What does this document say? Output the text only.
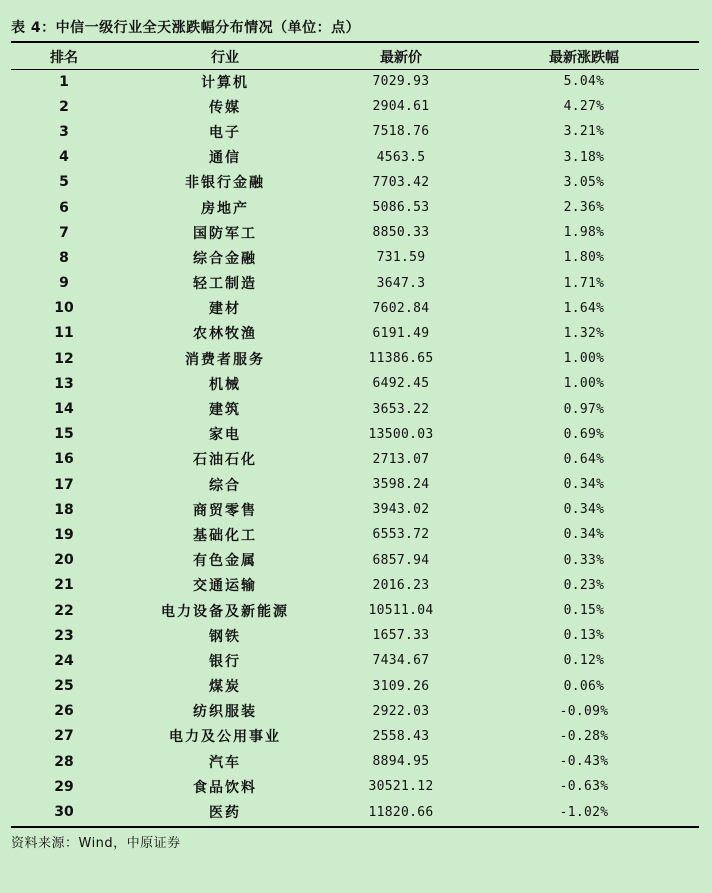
表 4：中信一级行业全天涨跌幅分布情况（单位：点）
排名	行业	最新价	最新涨跌幅
1	计算机	7029.93	5.04%
2	传媒	2904.61	4.27%
3	电子	7518.76	3.21%
4	通信	4563.5	3.18%
5	非银行金融	7703.42	3.05%
6	房地产	5086.53	2.36%
7	国防军工	8850.33	1.98%
8	综合金融	731.59	1.80%
9	轻工制造	3647.3	1.71%
10	建材	7602.84	1.64%
11	农林牧渔	6191.49	1.32%
12	消费者服务	11386.65	1.00%
13	机械	6492.45	1.00%
14	建筑	3653.22	0.97%
15	家电	13500.03	0.69%
16	石油石化	2713.07	0.64%
17	综合	3598.24	0.34%
18	商贸零售	3943.02	0.34%
19	基础化工	6553.72	0.34%
20	有色金属	6857.94	0.33%
21	交通运输	2016.23	0.23%
22	电力设备及新能源	10511.04	0.15%
23	钢铁	1657.33	0.13%
24	银行	7434.67	0.12%
25	煤炭	3109.26	0.06%
26	纺织服装	2922.03	-0.09%
27	电力及公用事业	2558.43	-0.28%
28	汽车	8894.95	-0.43%
29	食品饮料	30521.12	-0.63%
30	医药	11820.66	-1.02%
资料来源：Wind，中原证券
